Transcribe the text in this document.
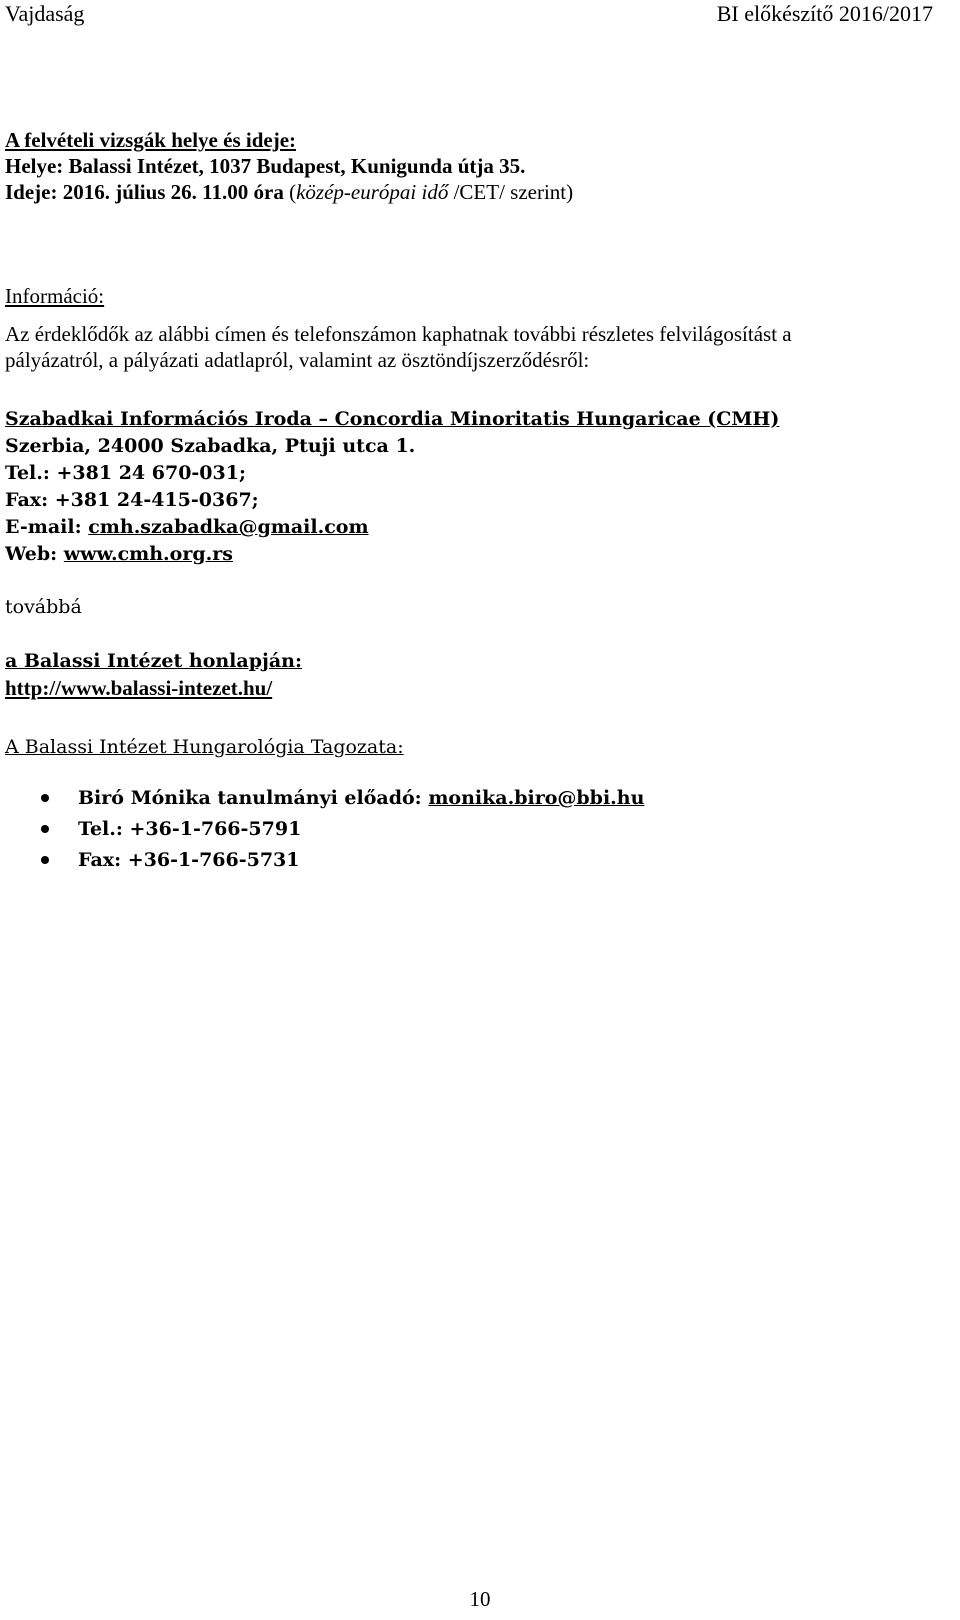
Vajdaság	BI előkészítő 2016/2017
A felvételi vizsgák helye és ideje:
Helye: Balassi Intézet, 1037 Budapest, Kunigunda útja 35.
Ideje: 2016. július 26. 11.00 óra (közép-európai idő /CET/ szerint)
Információ:
Az érdeklődők az alábbi címen és telefonszámon kaphatnak további részletes felvilágosítást a
pályázatról, a pályázati adatlapról, valamint az ösztöndíjszerződésről:
Szabadkai Információs Iroda – Concordia Minoritatis Hungaricae (CMH)
Szerbia, 24000 Szabadka, Ptuji utca 1.
Tel.: +381 24 670-031;
Fax: +381 24-415-0367;
E-mail: cmh.szabadka@gmail.com
Web: www.cmh.org.rs
továbbá
a Balassi Intézet honlapján:
http://www.balassi-intezet.hu/
A Balassi Intézet Hungarológia Tagozata:
Biró Mónika tanulmányi előadó: monika.biro@bbi.hu
Tel.: +36-1-766-5791
Fax: +36-1-766-5731
10
